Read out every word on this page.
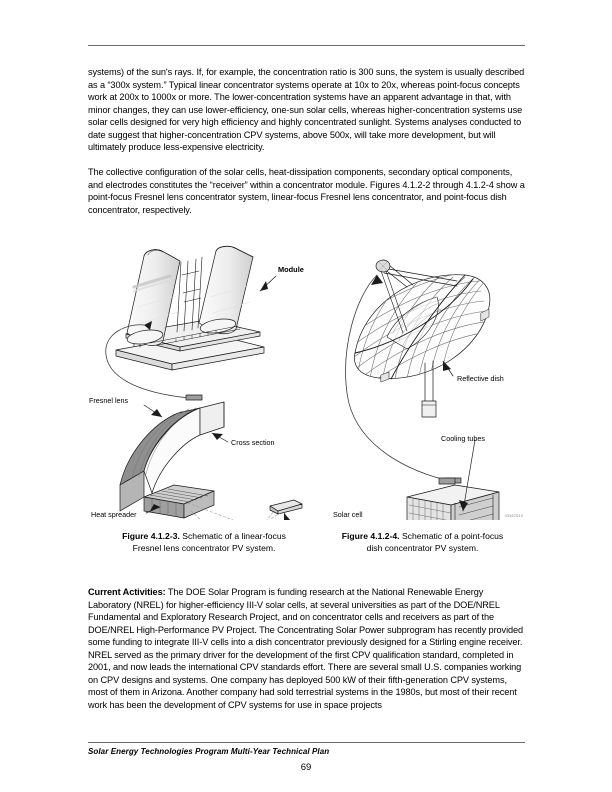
systems) of the sun's rays. If, for example, the concentration ratio is 300 suns, the system is usually described as a “300x system.” Typical linear concentrator systems operate at 10x to 20x, whereas point-focus concepts work at 200x to 1000x or more. The lower-concentration systems have an apparent advantage in that, with minor changes, they can use lower-efficiency, one-sun solar cells, whereas higher-concentration systems use solar cells designed for very high efficiency and highly concentrated sunlight. Systems analyses conducted to date suggest that higher-concentration CPV systems, above 500x, will take more development, but will ultimately produce less-expensive electricity.

The collective configuration of the solar cells, heat-dissipation components, secondary optical components, and electrodes constitutes the “receiver” within a concentrator module. Figures 4.1.2-2 through 4.1.2-4 show a point-focus Fresnel lens concentrator system, linear-focus Fresnel lens concentrator, and point-focus dish concentrator, respectively.

Module
Fresnel lens
Cross section
Heat spreader
Reflective dish
Cooling tubes
Solar cell	03367510
Figure 4.1.2-3. Schematic of a linear-focus
Fresnel lens concentrator PV system.
Figure 4.1.2-4. Schematic of a point-focus
dish concentrator PV system.

Current Activities: The DOE Solar Program is funding research at the National Renewable Energy Laboratory (NREL) for higher-efficiency III-V solar cells, at several universities as part of the DOE/NREL Fundamental and Exploratory Research Project, and on concentrator cells and receivers as part of the DOE/NREL High-Performance PV Project. The Concentrating Solar Power subprogram has recently provided some funding to integrate III-V cells into a dish concentrator previously designed for a Stirling engine receiver. NREL served as the primary driver for the development of the first CPV qualification standard, completed in 2001, and now leads the international CPV standards effort. There are several small U.S. companies working on CPV designs and systems. One company has deployed 500 kW of their fifth-generation CPV systems, most of them in Arizona. Another company had sold terrestrial systems in the 1980s, but most of their recent work has been the development of CPV systems for use in space projects

Solar Energy Technologies Program Multi-Year Technical Plan
69
